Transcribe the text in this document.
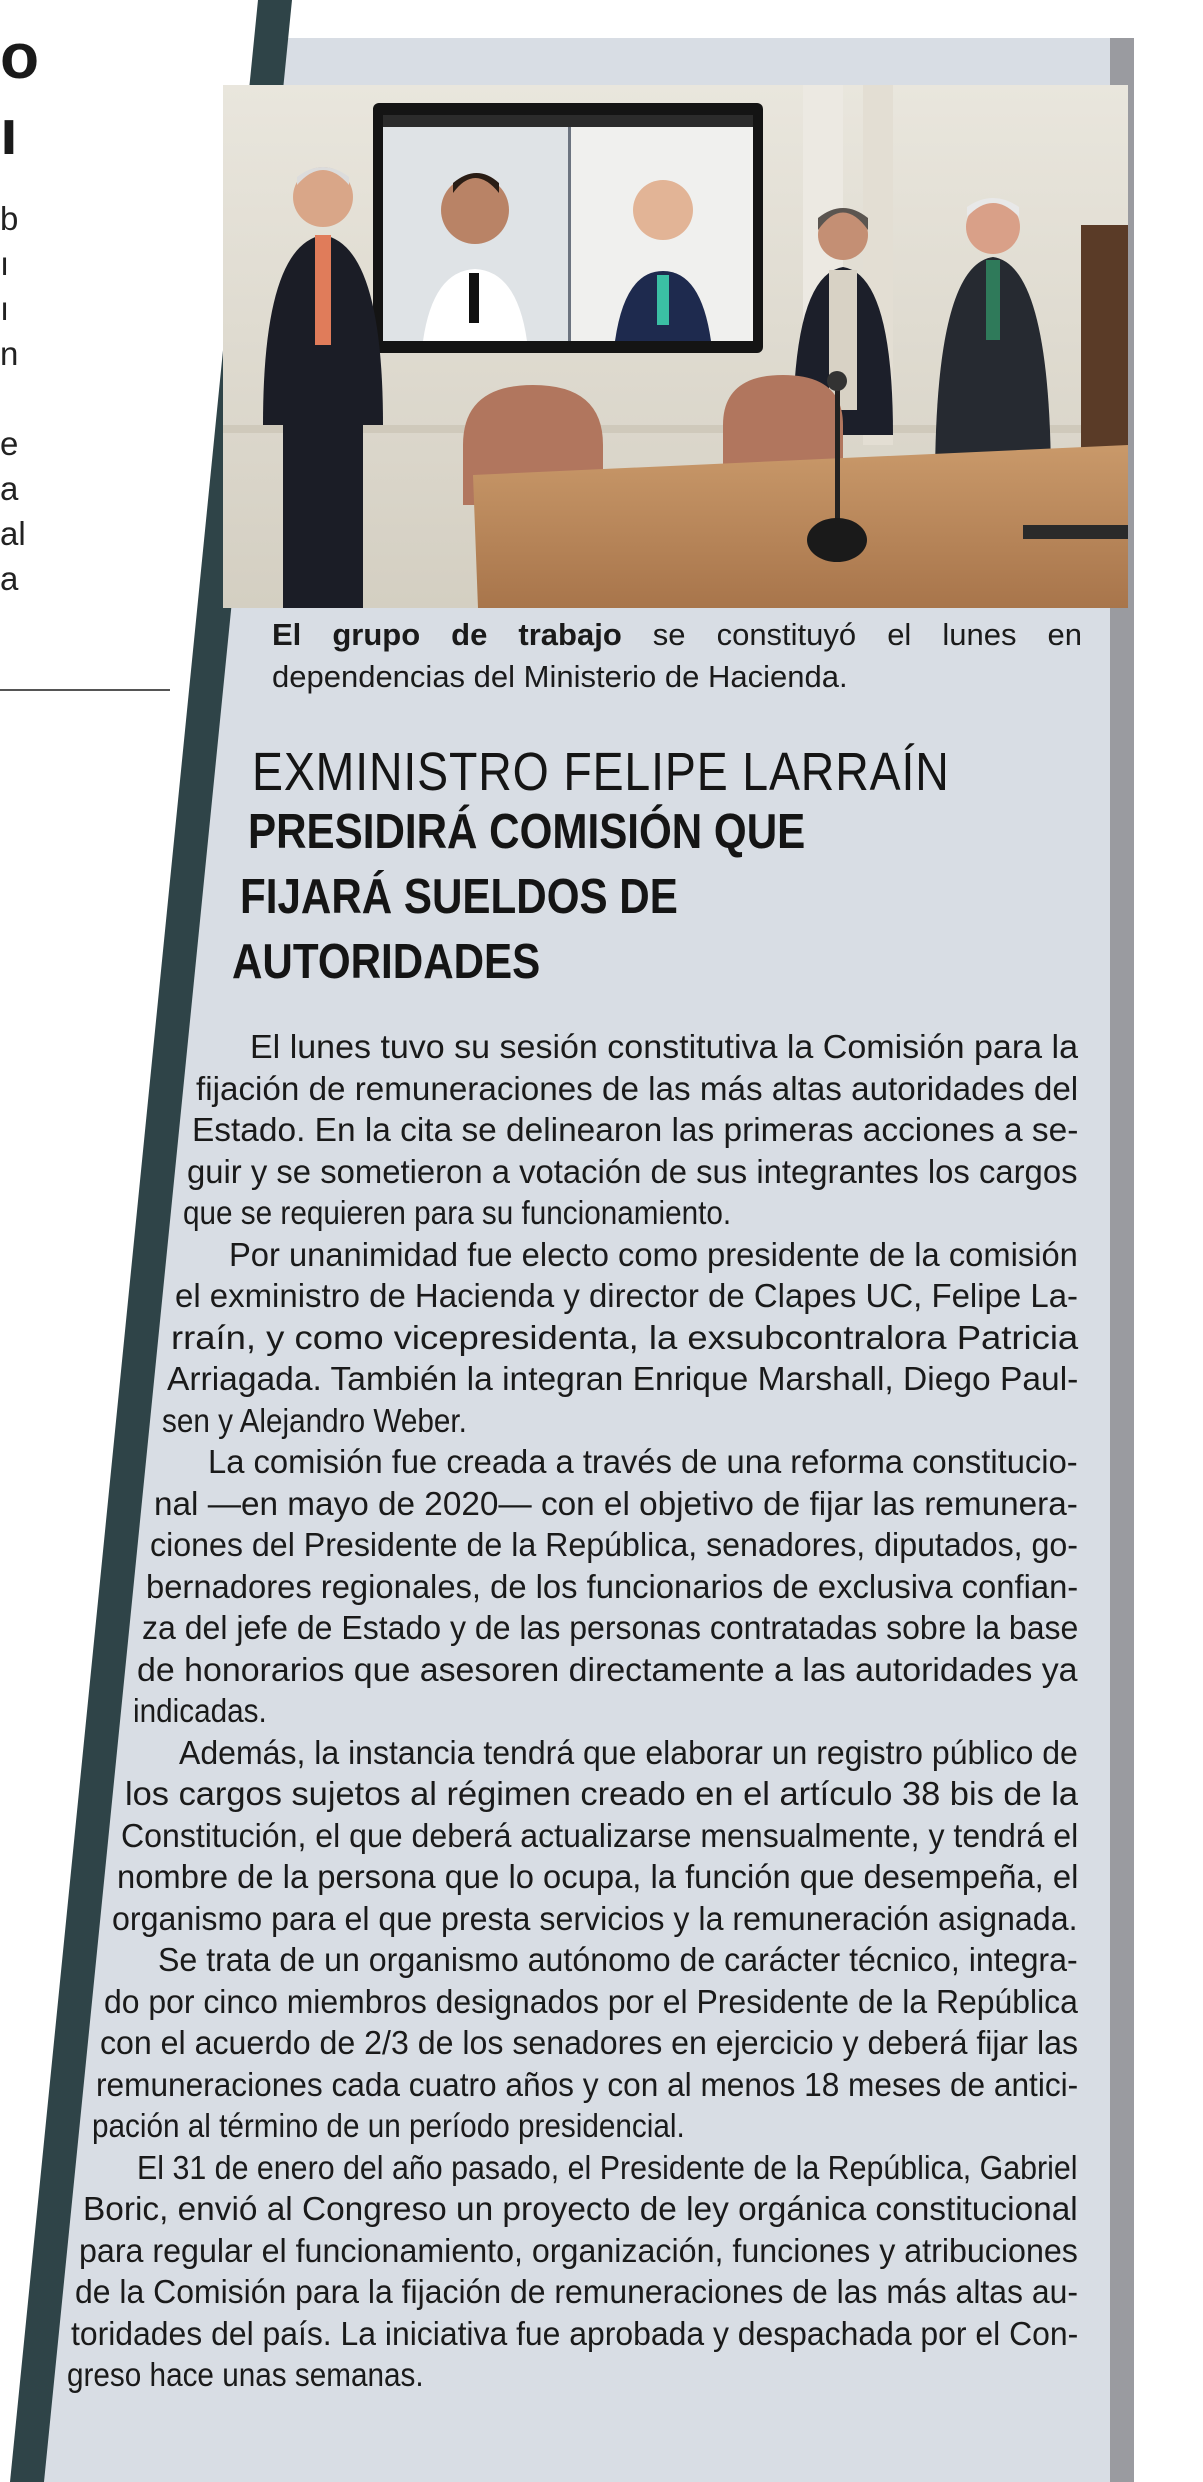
o
ı
b
ı
ı
n
e
a
al
a
El grupo de trabajo se constituyó el lunes en dependencias del Ministerio de Hacienda.
EXMINISTRO FELIPE LARRAÍN
PRESIDIRÁ COMISIÓN QUE
FIJARÁ SUELDOS DE
AUTORIDADES
El lunes tuvo su sesión constitutiva la Comisión para la
fijación de remuneraciones de las más altas autoridades del
Estado. En la cita se delinearon las primeras acciones a se-
guir y se sometieron a votación de sus integrantes los cargos
que se requieren para su funcionamiento.
Por unanimidad fue electo como presidente de la comisión
el exministro de Hacienda y director de Clapes UC, Felipe La-
rraín, y como vicepresidenta, la exsubcontralora Patricia
Arriagada. También la integran Enrique Marshall, Diego Paul-
sen y Alejandro Weber.
La comisión fue creada a través de una reforma constitucio-
nal —en mayo de 2020— con el objetivo de fijar las remunera-
ciones del Presidente de la República, senadores, diputados, go-
bernadores regionales, de los funcionarios de exclusiva confian-
za del jefe de Estado y de las personas contratadas sobre la base
de honorarios que asesoren directamente a las autoridades ya
indicadas.
Además, la instancia tendrá que elaborar un registro público de
los cargos sujetos al régimen creado en el artículo 38 bis de la
Constitución, el que deberá actualizarse mensualmente, y tendrá el
nombre de la persona que lo ocupa, la función que desempeña, el
organismo para el que presta servicios y la remuneración asignada.
Se trata de un organismo autónomo de carácter técnico, integra-
do por cinco miembros designados por el Presidente de la República
con el acuerdo de 2/3 de los senadores en ejercicio y deberá fijar las
remuneraciones cada cuatro años y con al menos 18 meses de antici-
pación al término de un período presidencial.
El 31 de enero del año pasado, el Presidente de la República, Gabriel
Boric, envió al Congreso un proyecto de ley orgánica constitucional
para regular el funcionamiento, organización, funciones y atribuciones
de la Comisión para la fijación de remuneraciones de las más altas au-
toridades del país. La iniciativa fue aprobada y despachada por el Con-
greso hace unas semanas.
